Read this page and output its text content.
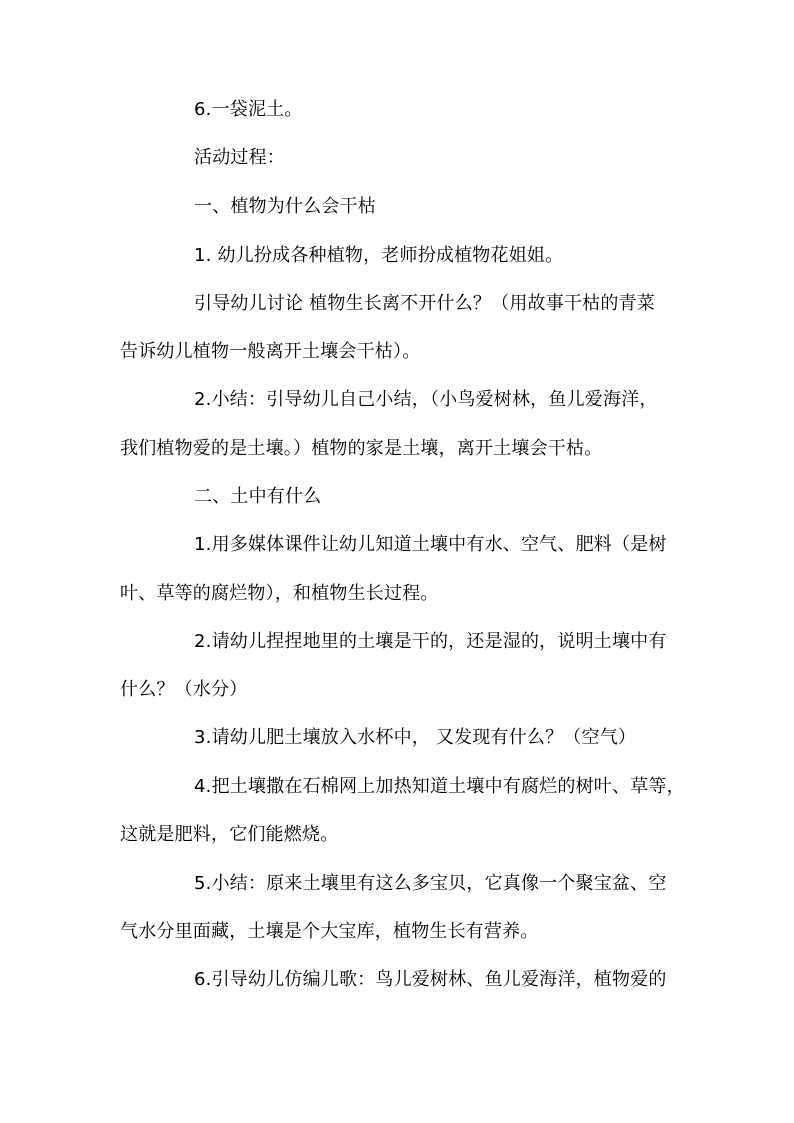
6.一袋泥土。
活动过程：
一、植物为什么会干枯
1. 幼儿扮成各种植物，老师扮成植物花姐姐。
引导幼儿讨论 植物生长离不开什么？（用故事干枯的青菜
告诉幼儿植物一般离开土壤会干枯）。
2.小结：引导幼儿自己小结，（小鸟爱树林，鱼儿爱海洋，
我们植物爱的是土壤。）植物的家是土壤，离开土壤会干枯。
二、土中有什么
1.用多媒体课件让幼儿知道土壤中有水、空气、肥料（是树
叶、草等的腐烂物），和植物生长过程。
2.请幼儿捏捏地里的土壤是干的，还是湿的，说明土壤中有
什么？（水分）
3.请幼儿肥土壤放入水杯中， 又发现有什么？（空气）
4.把土壤撒在石棉网上加热知道土壤中有腐烂的树叶、草等，
这就是肥料，它们能燃烧。
5.小结：原来土壤里有这么多宝贝，它真像一个聚宝盆、空
气水分里面藏，土壤是个大宝库，植物生长有营养。
6.引导幼儿仿编儿歌：鸟儿爱树林、鱼儿爱海洋，植物爱的
